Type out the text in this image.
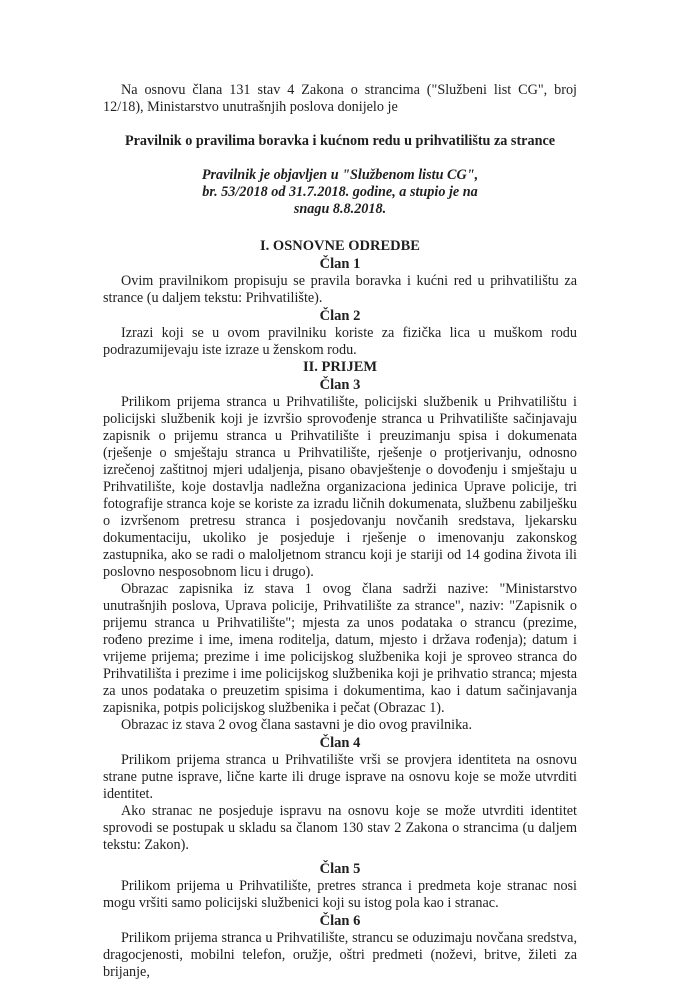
Na osnovu člana 131 stav 4 Zakona o strancima ("Službeni list CG", broj 12/18), Ministarstvo unutrašnjih poslova donijelo je

Pravilnik o pravilima boravka i kućnom redu u prihvatilištu za strance

Pravilnik je objavljen u "Službenom listu CG", br. 53/2018 od 31.7.2018. godine, a stupio je na snagu 8.8.2018.

I. OSNOVNE ODREDBE

Član 1

Ovim pravilnikom propisuju se pravila boravka i kućni red u prihvatilištu za strance (u daljem tekstu: Prihvatilište).

Član 2

Izrazi koji se u ovom pravilniku koriste za fizička lica u muškom rodu podrazumijevaju iste izraze u ženskom rodu.

II. PRIJEM

Član 3

Prilikom prijema stranca u Prihvatilište, policijski službenik u Prihvatilištu i policijski službenik koji je izvršio sprovođenje stranca u Prihvatilište sačinjavaju zapisnik o prijemu stranca u Prihvatilište i preuzimanju spisa i dokumenata (rješenje o smještaju stranca u Prihvatilište, rješenje o protjerivanju, odnosno izrečenoj zaštitnoj mjeri udaljenja, pisano obavještenje o dovođenju i smještaju u Prihvatilište, koje dostavlja nadležna organizaciona jedinica Uprave policije, tri fotografije stranca koje se koriste za izradu ličnih dokumenata, službenu zabilješku o izvršenom pretresu stranca i posjedovanju novčanih sredstava, ljekarsku dokumentaciju, ukoliko je posjeduje i rješenje o imenovanju zakonskog zastupnika, ako se radi o maloljetnom strancu koji je stariji od 14 godina života ili poslovno nesposobnom licu i drugo).

Obrazac zapisnika iz stava 1 ovog člana sadrži nazive: "Ministarstvo unutrašnjih poslova, Uprava policije, Prihvatilište za strance", naziv: "Zapisnik o prijemu stranca u Prihvatilište"; mjesta za unos podataka o strancu (prezime, rođeno prezime i ime, imena roditelja, datum, mjesto i država rođenja); datum i vrijeme prijema; prezime i ime policijskog službenika koji je sproveo stranca do Prihvatilišta i prezime i ime policijskog službenika koji je prihvatio stranca; mjesta za unos podataka o preuzetim spisima i dokumentima, kao i datum sačinjavanja zapisnika, potpis policijskog službenika i pečat (Obrazac 1).

Obrazac iz stava 2 ovog člana sastavni je dio ovog pravilnika.

Član 4

Prilikom prijema stranca u Prihvatilište vrši se provjera identiteta na osnovu strane putne isprave, lične karte ili druge isprave na osnovu koje se može utvrditi identitet.

Ako stranac ne posjeduje ispravu na osnovu koje se može utvrditi identitet sprovodi se postupak u skladu sa članom 130 stav 2 Zakona o strancima (u daljem tekstu: Zakon).

Član 5

Prilikom prijema u Prihvatilište, pretres stranca i predmeta koje stranac nosi mogu vršiti samo policijski službenici koji su istog pola kao i stranac.

Član 6

Prilikom prijema stranca u Prihvatilište, strancu se oduzimaju novčana sredstva, dragocjenosti, mobilni telefon, oružje, oštri predmeti (noževi, britve, žileti za brijanje,
